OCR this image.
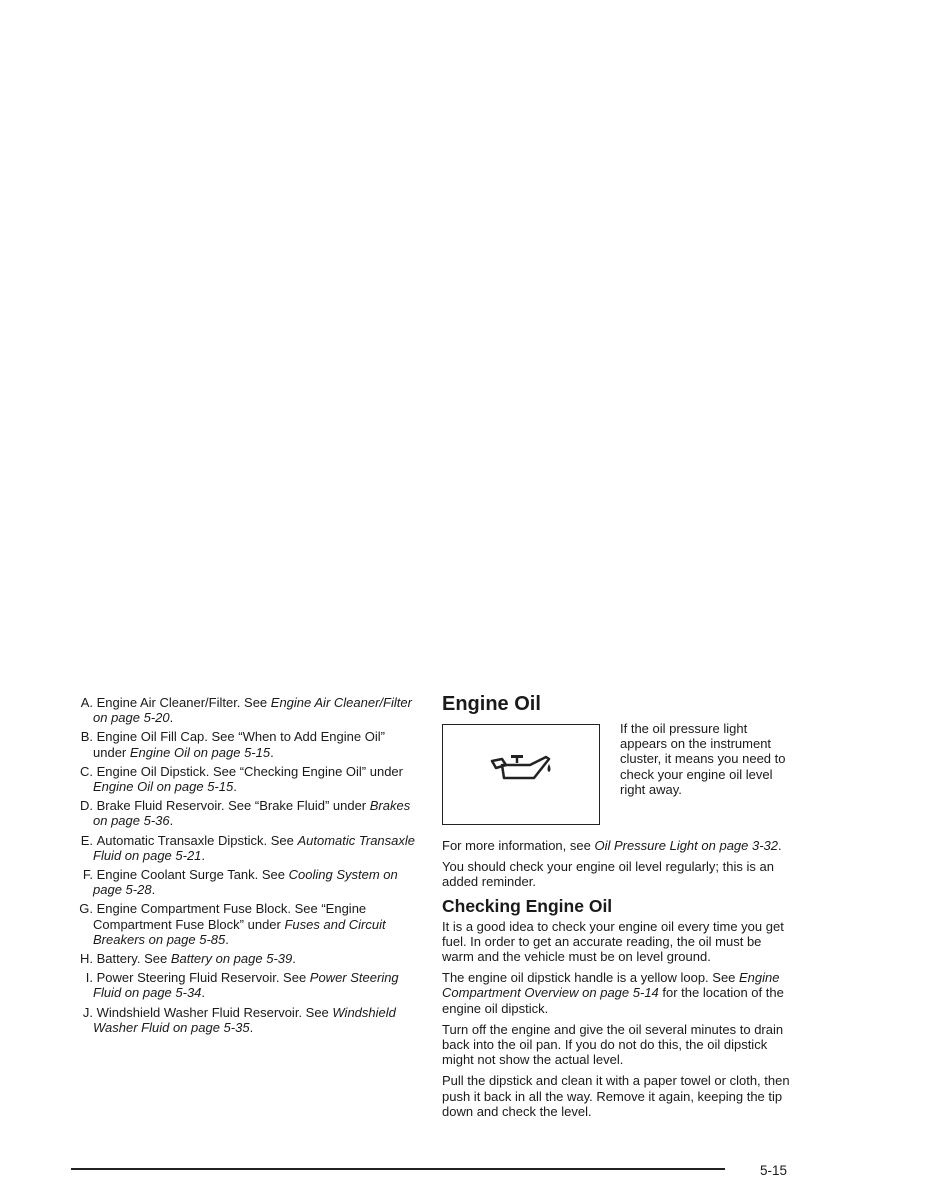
A. Engine Air Cleaner/Filter. See Engine Air Cleaner/Filter on page 5-20.
B. Engine Oil Fill Cap. See “When to Add Engine Oil” under Engine Oil on page 5-15.
C. Engine Oil Dipstick. See “Checking Engine Oil” under Engine Oil on page 5-15.
D. Brake Fluid Reservoir. See “Brake Fluid” under Brakes on page 5-36.
E. Automatic Transaxle Dipstick. See Automatic Transaxle Fluid on page 5-21.
F. Engine Coolant Surge Tank. See Cooling System on page 5-28.
G. Engine Compartment Fuse Block. See “Engine Compartment Fuse Block” under Fuses and Circuit Breakers on page 5-85.
H. Battery. See Battery on page 5-39.
I. Power Steering Fluid Reservoir. See Power Steering Fluid on page 5-34.
J. Windshield Washer Fluid Reservoir. See Windshield Washer Fluid on page 5-35.
Engine Oil
If the oil pressure light appears on the instrument cluster, it means you need to check your engine oil level right away.

For more information, see Oil Pressure Light on page 3-32.

You should check your engine oil level regularly; this is an added reminder.

Checking Engine Oil

It is a good idea to check your engine oil every time you get fuel. In order to get an accurate reading, the oil must be warm and the vehicle must be on level ground.

The engine oil dipstick handle is a yellow loop. See Engine Compartment Overview on page 5-14 for the location of the engine oil dipstick.

Turn off the engine and give the oil several minutes to drain back into the oil pan. If you do not do this, the oil dipstick might not show the actual level.

Pull the dipstick and clean it with a paper towel or cloth, then push it back in all the way. Remove it again, keeping the tip down and check the level.

5-15
